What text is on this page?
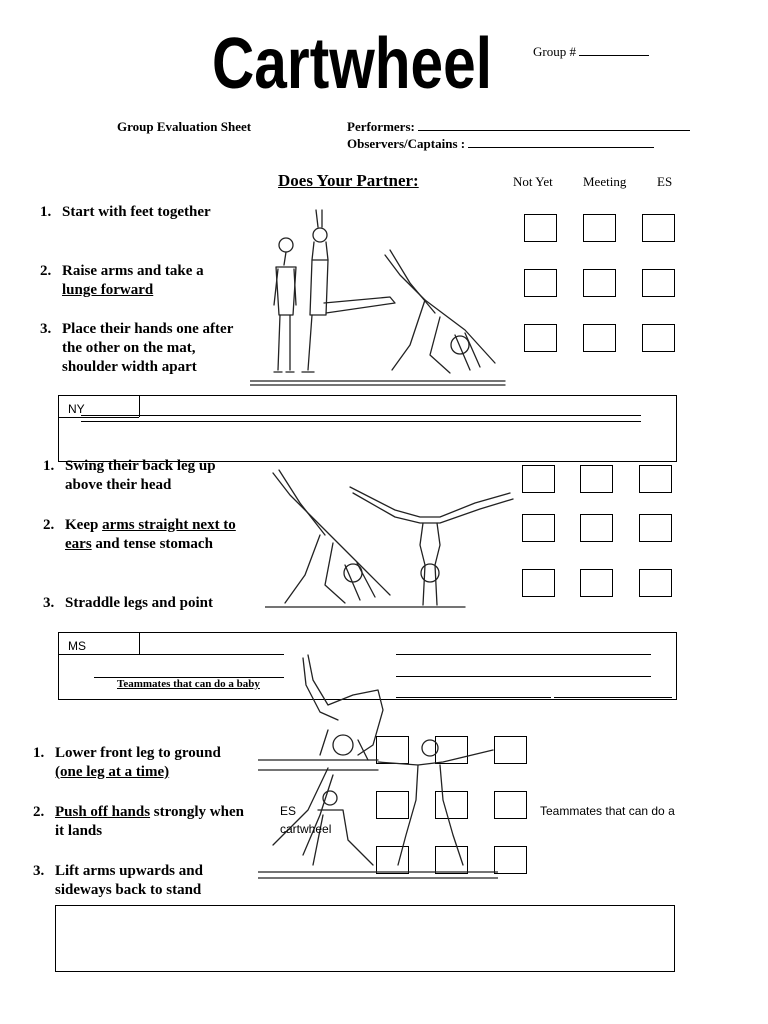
Cartwheel	Group #
Group Evaluation Sheet	Performers:
Observers/Captains :
Does Your Partner:	Not Yet Meeting ES
1. Start with feet together
2. Raise arms and take a
lunge forward
3. Place their hands one after the other on the mat, shoulder width apart
NY
1. Swing their back leg up above their head
2. Keep arms straight next to ears and tense stomach
3. Straddle legs and point
MS
Teammates that can do a baby
1. Lower front leg to ground
(one leg at a time)
2. Push off hands strongly when it lands
3. Lift arms upwards and sideways back to stand
ES
cartwheel
Teammates that can do a
